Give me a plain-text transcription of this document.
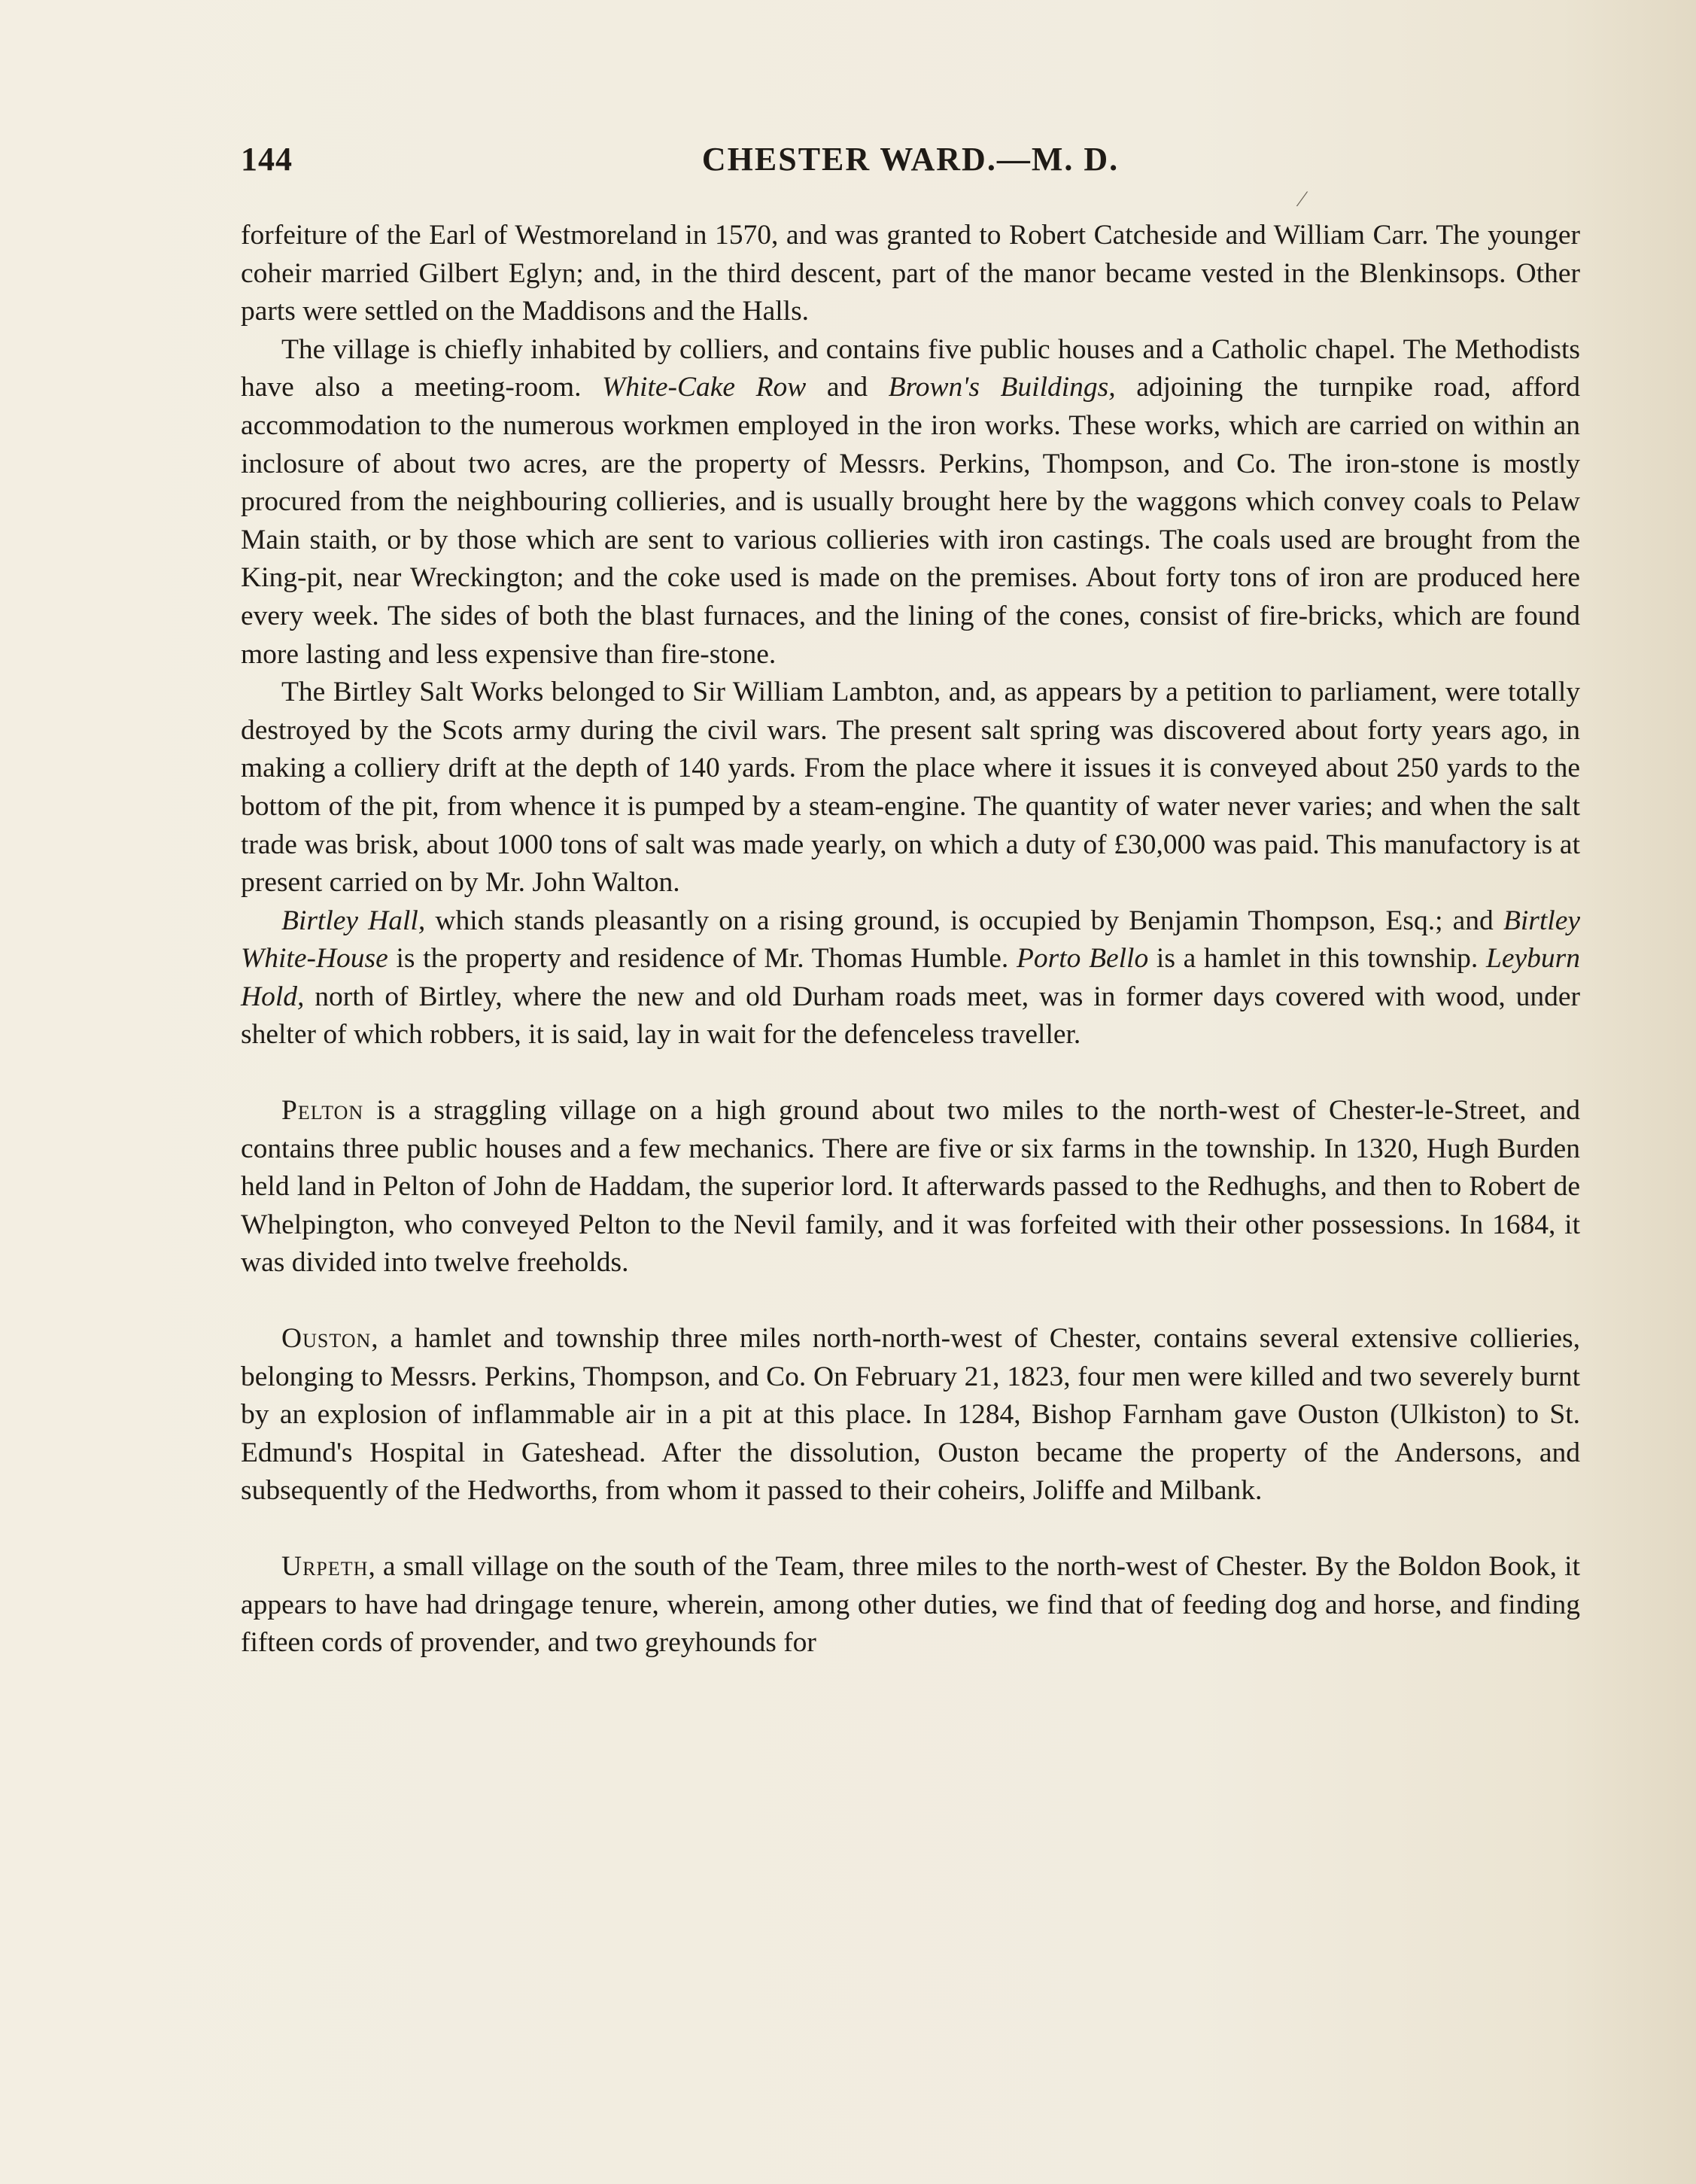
144	CHESTER WARD.—M. D.
⁄

forfeiture of the Earl of Westmoreland in 1570, and was granted to Robert Catcheside and William Carr. The younger coheir married Gilbert Eglyn; and, in the third descent, part of the manor became vested in the Blenkinsops. Other parts were settled on the Maddisons and the Halls.

The village is chiefly inhabited by colliers, and contains five public houses and a Catholic chapel. The Methodists have also a meeting-room. White-Cake Row and Brown's Buildings, adjoining the turnpike road, afford accommodation to the numerous workmen employed in the iron works. These works, which are carried on within an inclosure of about two acres, are the property of Messrs. Perkins, Thompson, and Co. The iron-stone is mostly procured from the neighbouring collieries, and is usually brought here by the waggons which convey coals to Pelaw Main staith, or by those which are sent to various collieries with iron castings. The coals used are brought from the King-pit, near Wreckington; and the coke used is made on the premises. About forty tons of iron are produced here every week. The sides of both the blast furnaces, and the lining of the cones, consist of fire-bricks, which are found more lasting and less expensive than fire-stone.

The Birtley Salt Works belonged to Sir William Lambton, and, as appears by a petition to parliament, were totally destroyed by the Scots army during the civil wars. The present salt spring was discovered about forty years ago, in making a colliery drift at the depth of 140 yards. From the place where it issues it is conveyed about 250 yards to the bottom of the pit, from whence it is pumped by a steam-engine. The quantity of water never varies; and when the salt trade was brisk, about 1000 tons of salt was made yearly, on which a duty of £30,000 was paid. This manufactory is at present carried on by Mr. John Walton.

Birtley Hall, which stands pleasantly on a rising ground, is occupied by Benjamin Thompson, Esq.; and Birtley White-House is the property and residence of Mr. Thomas Humble. Porto Bello is a hamlet in this township. Leyburn Hold, north of Birtley, where the new and old Durham roads meet, was in former days covered with wood, under shelter of which robbers, it is said, lay in wait for the defenceless traveller.

Pelton is a straggling village on a high ground about two miles to the north-west of Chester-le-Street, and contains three public houses and a few mechanics. There are five or six farms in the township. In 1320, Hugh Burden held land in Pelton of John de Haddam, the superior lord. It afterwards passed to the Redhughs, and then to Robert de Whelpington, who conveyed Pelton to the Nevil family, and it was forfeited with their other possessions. In 1684, it was divided into twelve freeholds.

Ouston, a hamlet and township three miles north-north-west of Chester, contains several extensive collieries, belonging to Messrs. Perkins, Thompson, and Co. On February 21, 1823, four men were killed and two severely burnt by an explosion of inflammable air in a pit at this place. In 1284, Bishop Farnham gave Ouston (Ulkiston) to St. Edmund's Hospital in Gateshead. After the dissolution, Ouston became the property of the Andersons, and subsequently of the Hedworths, from whom it passed to their coheirs, Joliffe and Milbank.

Urpeth, a small village on the south of the Team, three miles to the north-west of Chester. By the Boldon Book, it appears to have had dringage tenure, wherein, among other duties, we find that of feeding dog and horse, and finding fifteen cords of provender, and two greyhounds for
